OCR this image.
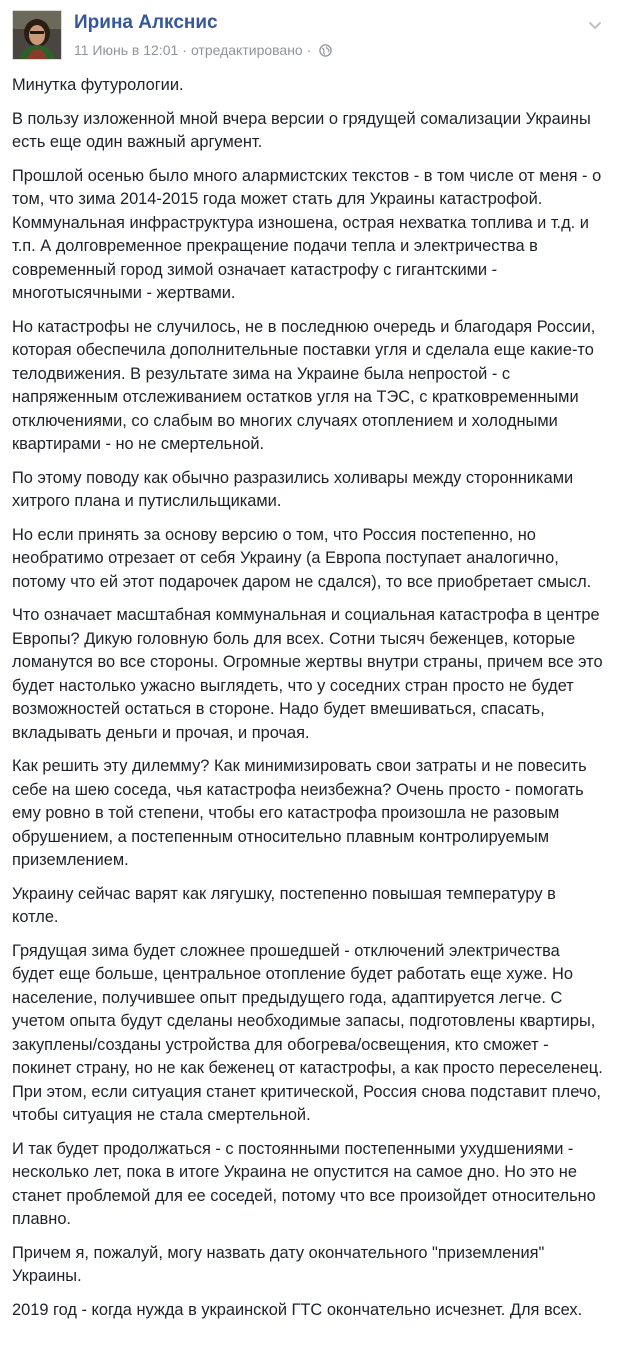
Ирина Алкснис
11 Июнь в 12:01 · отредактировано ·

Минутка футурологии.

В пользу изложенной мной вчера версии о грядущей сомализации Украины есть еще один важный аргумент.

Прошлой осенью было много алармистских текстов - в том числе от меня - о том, что зима 2014-2015 года может стать для Украины катастрофой. Коммунальная инфраструктура изношена, острая нехватка топлива и т.д. и т.п. А долговременное прекращение подачи тепла и электричества в современный город зимой означает катастрофу с гигантскими - многотысячными - жертвами.

Но катастрофы не случилось, не в последнюю очередь и благодаря России, которая обеспечила дополнительные поставки угля и сделала еще какие-то телодвижения. В результате зима на Украине была непростой - с напряженным отслеживанием остатков угля на ТЭС, с кратковременными отключениями, со слабым во многих случаях отоплением и холодными квартирами - но не смертельной.

По этому поводу как обычно разразились холивары между сторонниками хитрого плана и путислильщиками.

Но если принять за основу версию о том, что Россия постепенно, но необратимо отрезает от себя Украину (а Европа поступает аналогично, потому что ей этот подарочек даром не сдался), то все приобретает смысл.

Что означает масштабная коммунальная и социальная катастрофа в центре Европы? Дикую головную боль для всех. Сотни тысяч беженцев, которые ломанутся во все стороны. Огромные жертвы внутри страны, причем все это будет настолько ужасно выглядеть, что у соседних стран просто не будет возможностей остаться в стороне. Надо будет вмешиваться, спасать, вкладывать деньги и прочая, и прочая.

Как решить эту дилемму? Как минимизировать свои затраты и не повесить себе на шею соседа, чья катастрофа неизбежна? Очень просто - помогать ему ровно в той степени, чтобы его катастрофа произошла не разовым обрушением, а постепенным относительно плавным контролируемым приземлением.

Украину сейчас варят как лягушку, постепенно повышая температуру в котле.

Грядущая зима будет сложнее прошедшей - отключений электричества будет еще больше, центральное отопление будет работать еще хуже. Но население, получившее опыт предыдущего года, адаптируется легче. С учетом опыта будут сделаны необходимые запасы, подготовлены квартиры, закуплены/созданы устройства для обогрева/освещения, кто сможет - покинет страну, но не как беженец от катастрофы, а как просто переселенец. При этом, если ситуация станет критической, Россия снова подставит плечо, чтобы ситуация не стала смертельной.

И так будет продолжаться - с постоянными постепенными ухудшениями - несколько лет, пока в итоге Украина не опустится на самое дно. Но это не станет проблемой для ее соседей, потому что все произойдет относительно плавно.

Причем я, пожалуй, могу назвать дату окончательного "приземления" Украины.

2019 год - когда нужда в украинской ГТС окончательно исчезнет. Для всех.
